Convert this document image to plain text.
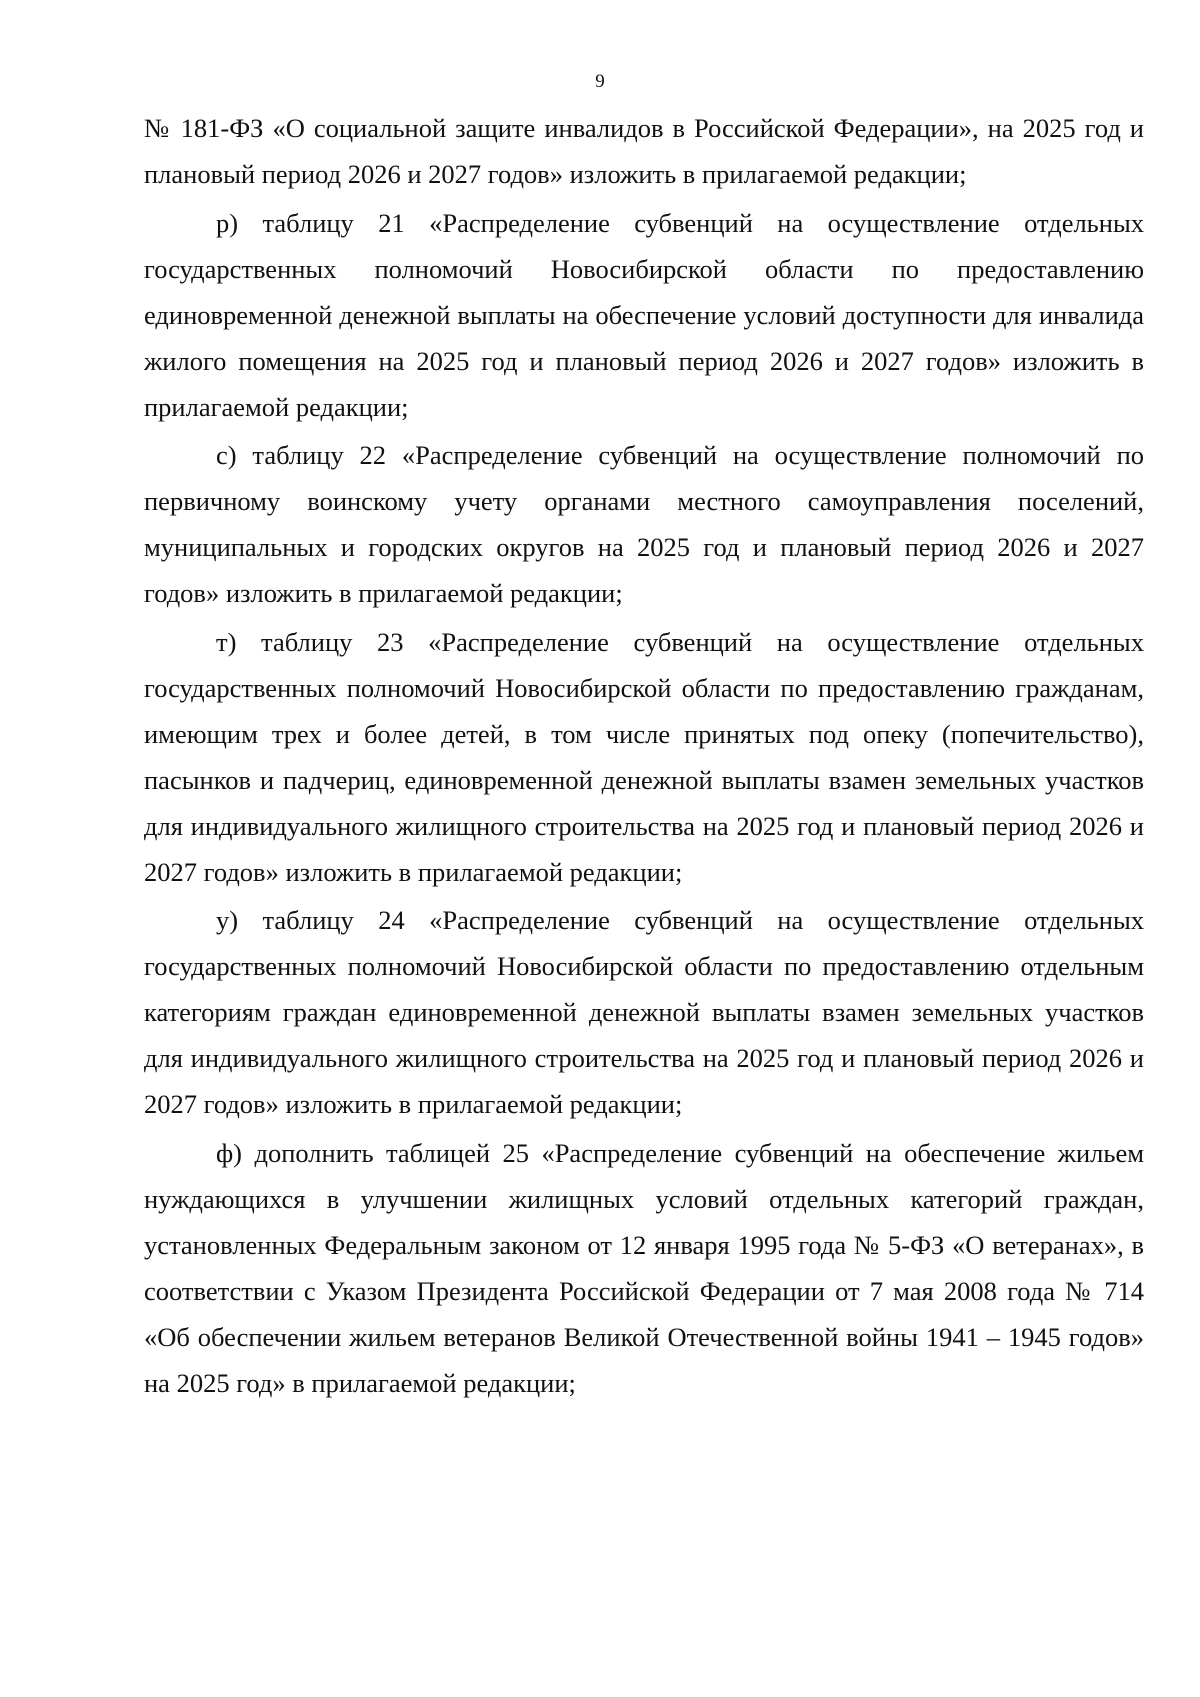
9

№ 181-ФЗ «О социальной защите инвалидов в Российской Федерации», на 2025 год и плановый период 2026 и 2027 годов» изложить в прилагаемой редакции;

р) таблицу 21 «Распределение субвенций на осуществление отдельных государственных полномочий Новосибирской области по предоставлению единовременной денежной выплаты на обеспечение условий доступности для инвалида жилого помещения на 2025 год и плановый период 2026 и 2027 годов» изложить в прилагаемой редакции;

с) таблицу 22 «Распределение субвенций на осуществление полномочий по первичному воинскому учету органами местного самоуправления поселений, муниципальных и городских округов на 2025 год и плановый период 2026 и 2027 годов» изложить в прилагаемой редакции;

т) таблицу 23 «Распределение субвенций на осуществление отдельных государственных полномочий Новосибирской области по предоставлению гражданам, имеющим трех и более детей, в том числе принятых под опеку (попечительство), пасынков и падчериц, единовременной денежной выплаты взамен земельных участков для индивидуального жилищного строительства на 2025 год и плановый период 2026 и 2027 годов» изложить в прилагаемой редакции;

у) таблицу 24 «Распределение субвенций на осуществление отдельных государственных полномочий Новосибирской области по предоставлению отдельным категориям граждан единовременной денежной выплаты взамен земельных участков для индивидуального жилищного строительства на 2025 год и плановый период 2026 и 2027 годов» изложить в прилагаемой редакции;

ф) дополнить таблицей 25 «Распределение субвенций на обеспечение жильем нуждающихся в улучшении жилищных условий отдельных категорий граждан, установленных Федеральным законом от 12 января 1995 года № 5-ФЗ «О ветеранах», в соответствии с Указом Президента Российской Федерации от 7 мая 2008 года № 714 «Об обеспечении жильем ветеранов Великой Отечественной войны 1941 – 1945 годов» на 2025 год» в прилагаемой редакции;
